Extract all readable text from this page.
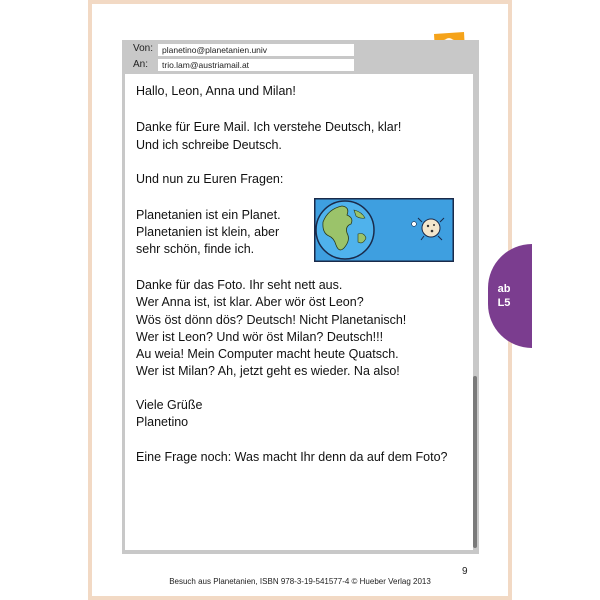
Von:	planetino@planetanien.univ
An:	trio.lam@austriamail.at
Hallo, Leon, Anna und Milan!
Danke für Eure Mail. Ich verstehe Deutsch, klar!
Und ich schreibe Deutsch.
Und nun zu Euren Fragen:
Planetanien ist ein Planet.
Planetanien ist klein, aber
sehr schön, finde ich.
Danke für das Foto. Ihr seht nett aus.
Wer Anna ist, ist klar. Aber wör öst Leon?
Wös öst dönn dös? Deutsch! Nicht Planetanisch!
Wer ist Leon? Und wör öst Milan? Deutsch!!!
Au weia! Mein Computer macht heute Quatsch.
Wer ist Milan? Ah, jetzt geht es wieder. Na also!
Viele Grüße
Planetino
Eine Frage noch: Was macht Ihr denn da auf dem Foto?
ab
L5
9
Besuch aus Planetanien, ISBN 978-3-19-541577-4 © Hueber Verlag 2013
